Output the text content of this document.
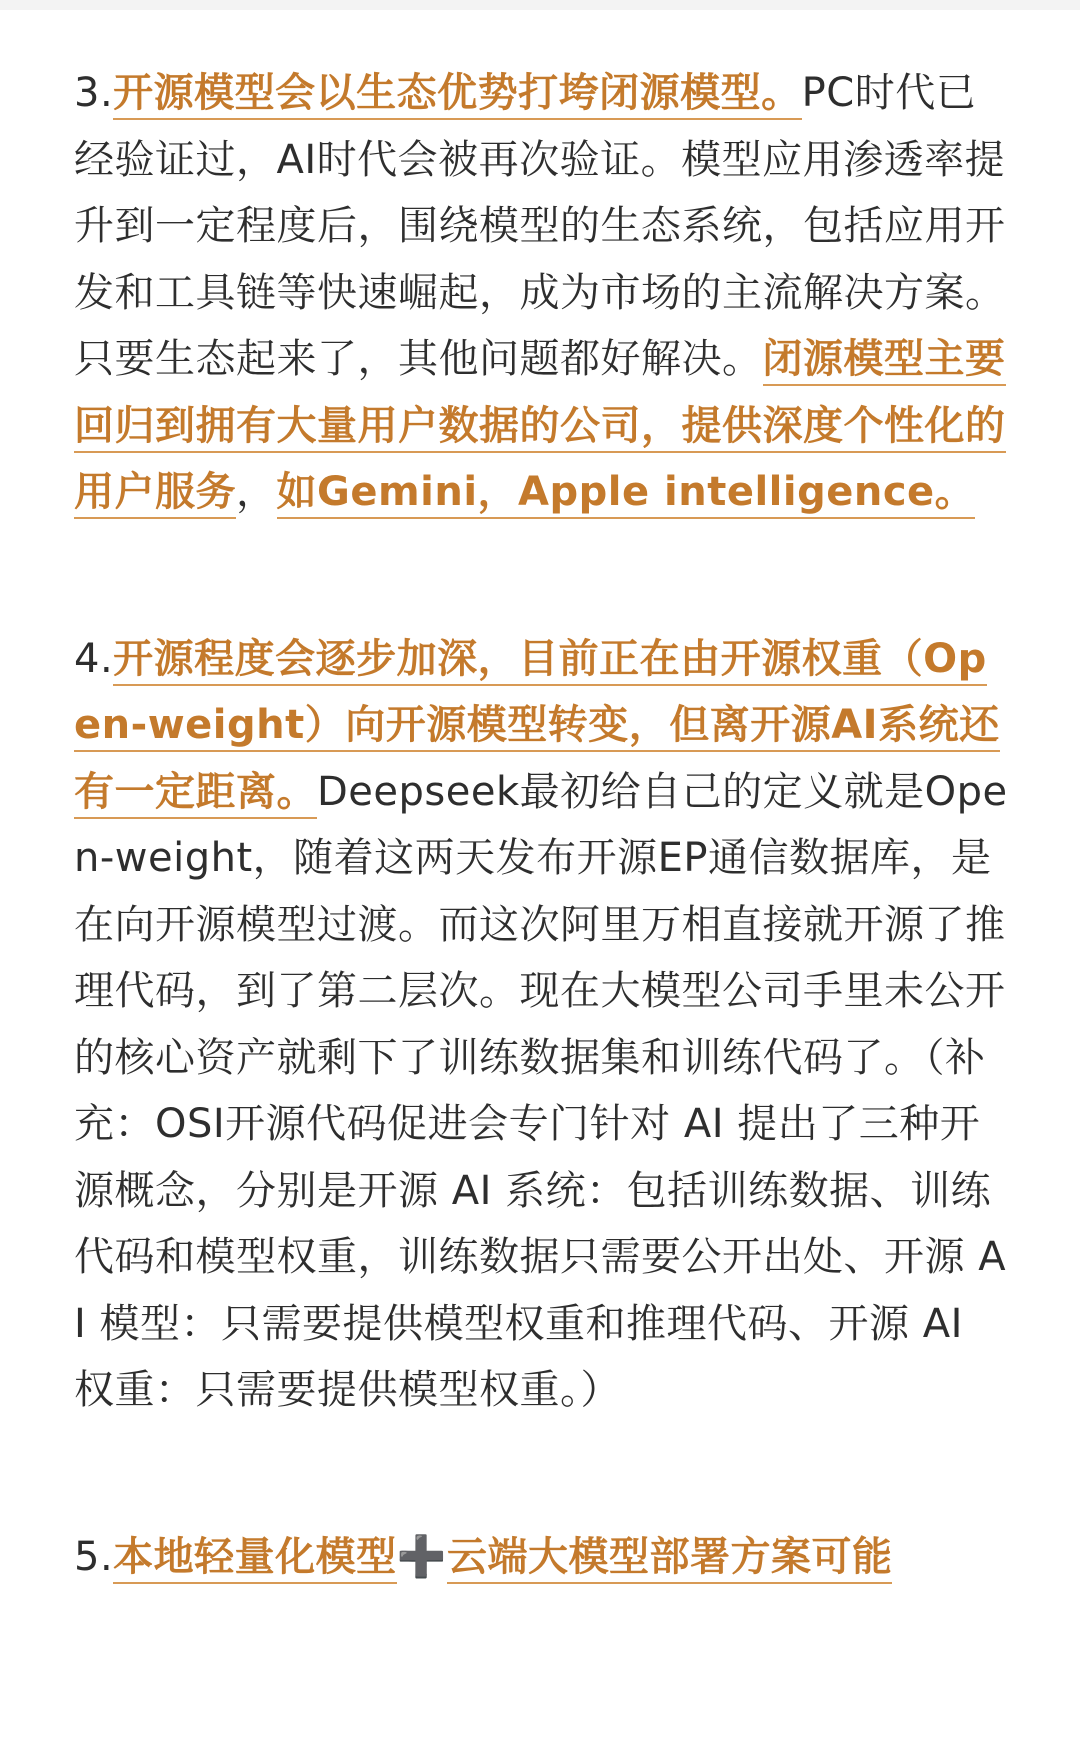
3.开源模型会以生态优势打垮闭源模型。PC时代已经验证过，AI时代会被再次验证。模型应用渗透率提升到一定程度后，围绕模型的生态系统，包括应用开发和工具链等快速崛起，成为市场的主流解决方案。只要生态起来了，其他问题都好解决。闭源模型主要回归到拥有大量用户数据的公司，提供深度个性化的用户服务，如Gemini，Apple intelligence。

4.开源程度会逐步加深，目前正在由开源权重（Open-weight）向开源模型转变，但离开源AI系统还有一定距离。Deepseek最初给自己的定义就是Open-weight，随着这两天发布开源EP通信数据库，是在向开源模型过渡。而这次阿里万相直接就开源了推理代码，到了第二层次。现在大模型公司手里未公开的核心资产就剩下了训练数据集和训练代码了。（补充：OSI开源代码促进会专门针对 AI 提出了三种开源概念，分别是开源 AI 系统：包括训练数据、训练代码和模型权重，训练数据只需要公开出处、开源 AI 模型：只需要提供模型权重和推理代码、开源 AI 权重：只需要提供模型权重。）

5.本地轻量化模型➕云端大模型部署方案可能
